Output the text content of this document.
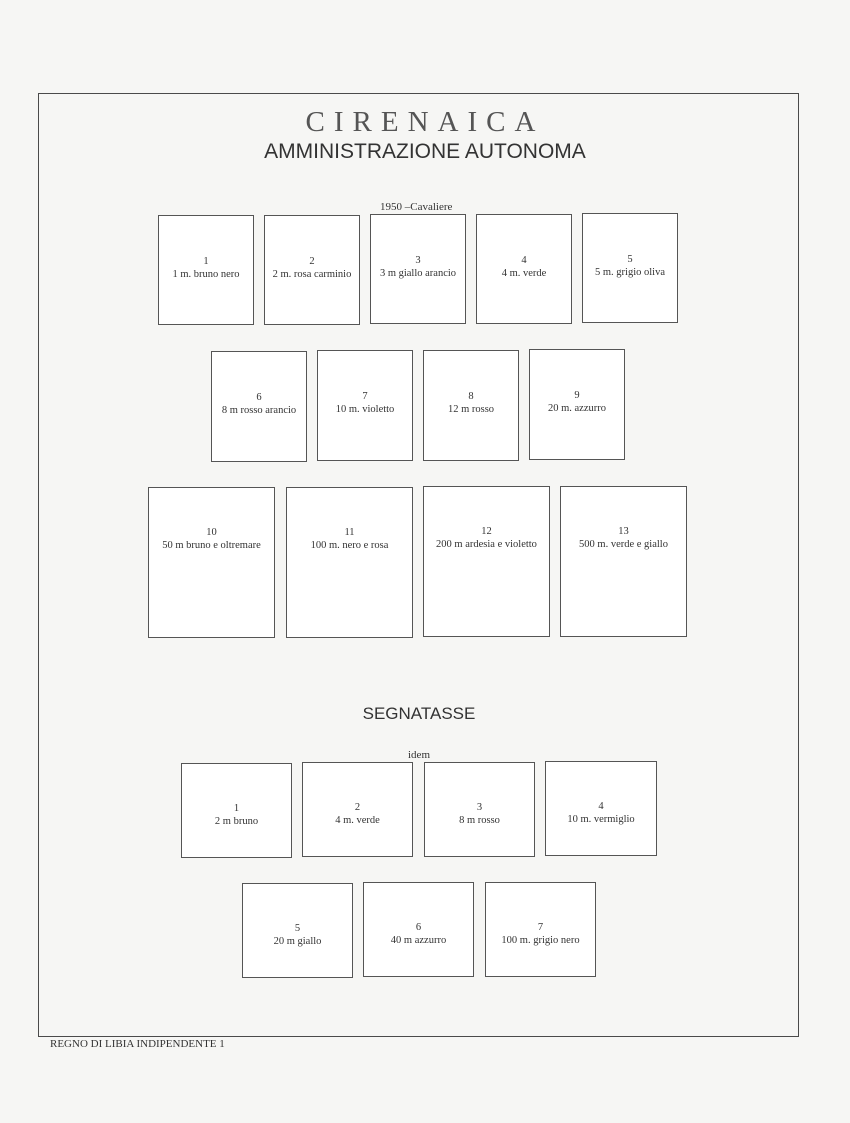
CIRENAICA
AMMINISTRAZIONE AUTONOMA
1950 –Cavaliere
1
1 m. bruno nero
2
2 m. rosa carminio
3
3 m giallo arancio
4
4 m. verde
5
5 m. grigio oliva
6
8 m rosso arancio
7
10 m. violetto
8
12 m rosso
9
20 m. azzurro
10
50 m bruno e oltremare
11
100 m. nero e rosa
12
200 m ardesia e violetto
13
500 m. verde e giallo
SEGNATASSE
idem
1
2 m bruno
2
4 m. verde
3
8 m rosso
4
10 m. vermiglio
5
20 m giallo
6
40 m azzurro
7
100 m. grigio nero
REGNO DI LIBIA INDIPENDENTE 1
